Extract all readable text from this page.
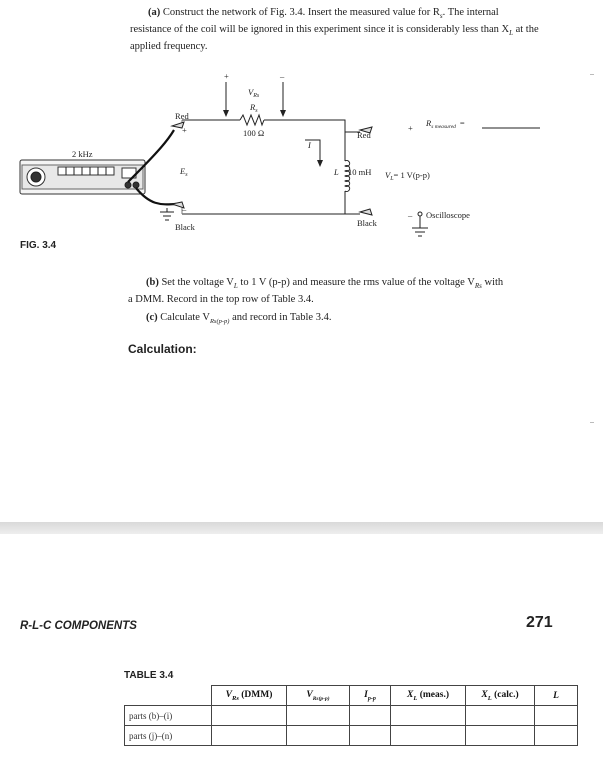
(a) Construct the network of Fig. 3.4. Insert the measured value for $R_s$. The internal
resistance of the coil will be ignored in this experiment since it is considerably less than $X_L$ at the
applied frequency.
+	–
$V_{Rs}$
$R_s$
100 Ω
Red
+
$E_s$
–
Black
2 kHz
I
L 10 mH
Red
Black
$V_L= 1$ V(p-p)
+ $R_{s measured}$ =
– Oscilloscope
FIG. 3.4
(b) Set the voltage $V_L$ to 1 V (p-p) and measure the rms value of the voltage $V_{Rs}$ with
a DMM. Record in the top row of Table 3.4.
(c) Calculate $V_{Rs(p-p)}$ and record in Table 3.4.
Calculation:
R-L-C COMPONENTS	271
TABLE 3.4
	$V_{Rs}$ (DMM)	$V_{Rs(p-p)}$	$I_{p-p}$	$X_L$ (meas.)	$X_L$ (calc.)	L
parts (b)–(i)						
parts (j)–(n)						
